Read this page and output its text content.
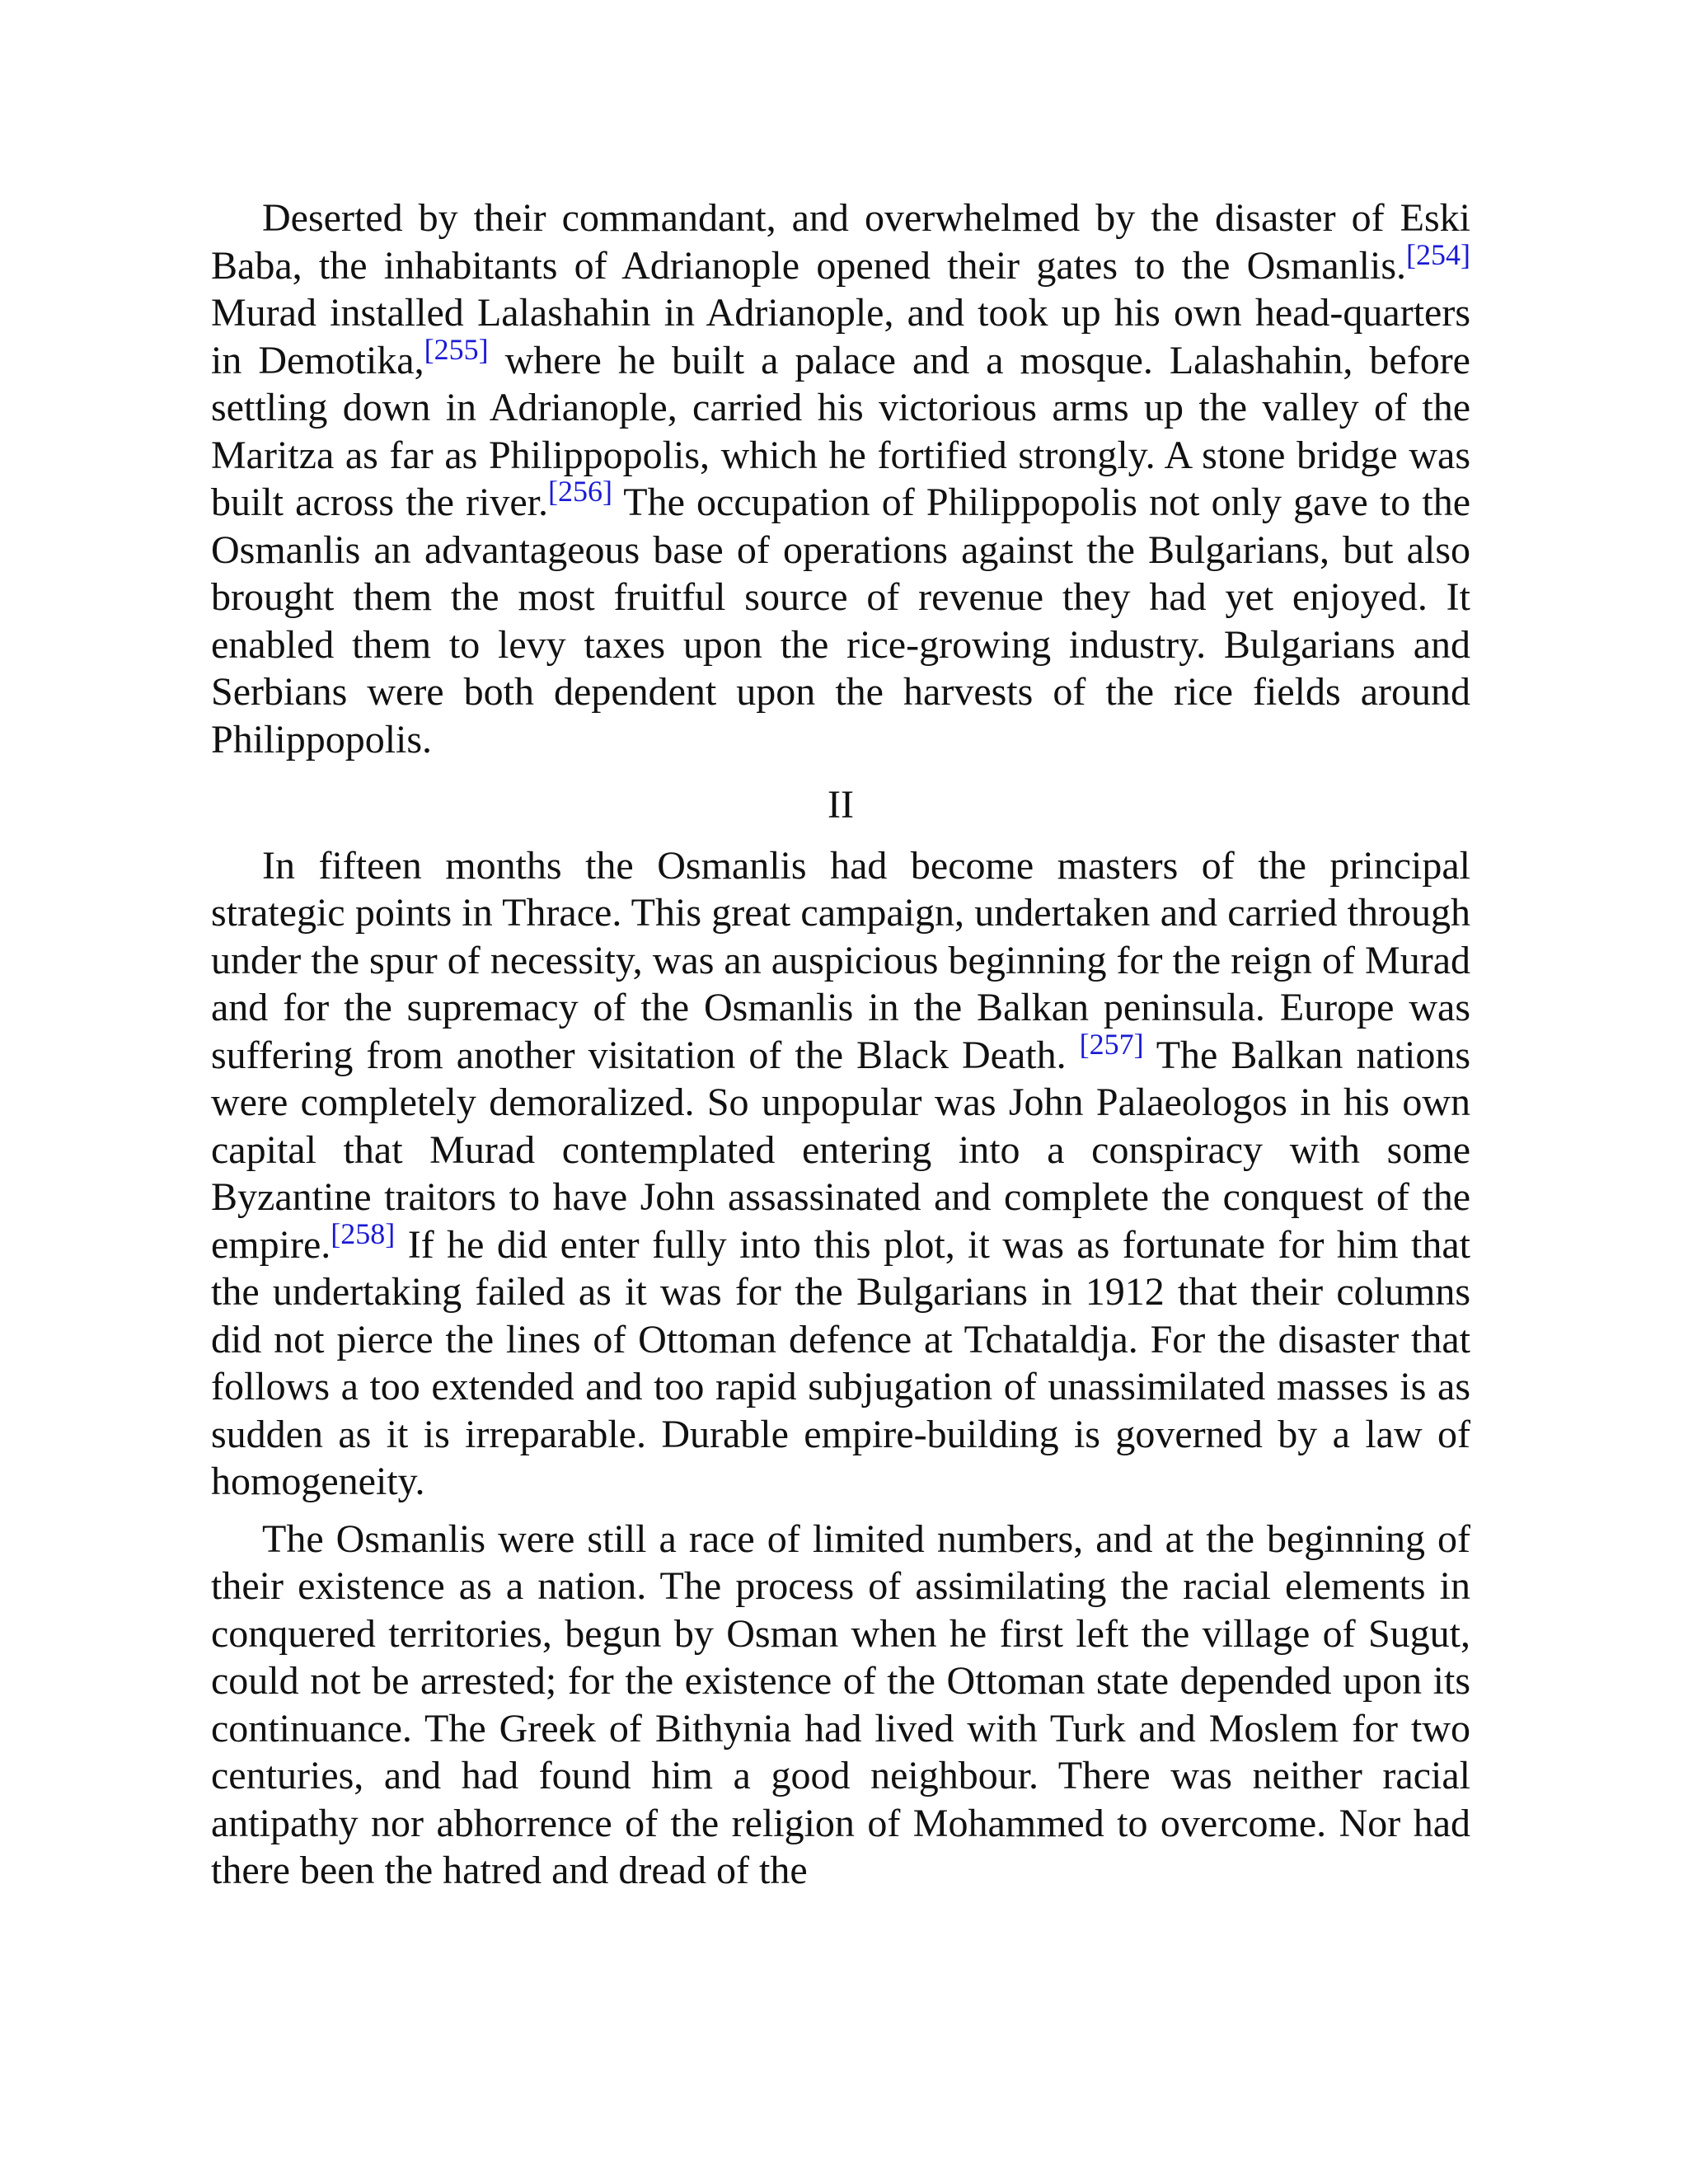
Deserted by their commandant, and overwhelmed by the disaster of Eski Baba, the inhabitants of Adrianople opened their gates to the Osmanlis.[254] Murad installed Lalashahin in Adrianople, and took up his own head-quarters in Demotika,[255] where he built a palace and a mosque. Lalashahin, before settling down in Adrianople, carried his victorious arms up the valley of the Maritza as far as Philippopolis, which he fortified strongly. A stone bridge was built across the river.[256] The occupation of Philippopolis not only gave to the Osmanlis an advantageous base of operations against the Bulgarians, but also brought them the most fruitful source of revenue they had yet enjoyed. It enabled them to levy taxes upon the rice-growing industry. Bulgarians and Serbians were both dependent upon the harvests of the rice fields around Philippopolis.

II

In fifteen months the Osmanlis had become masters of the principal strategic points in Thrace. This great campaign, undertaken and carried through under the spur of necessity, was an auspicious beginning for the reign of Murad and for the supremacy of the Osmanlis in the Balkan peninsula. Europe was suffering from another visitation of the Black Death. [257] The Balkan nations were completely demoralized. So unpopular was John Palaeologos in his own capital that Murad contemplated entering into a conspiracy with some Byzantine traitors to have John assassinated and complete the conquest of the empire.[258] If he did enter fully into this plot, it was as fortunate for him that the undertaking failed as it was for the Bulgarians in 1912 that their columns did not pierce the lines of Ottoman defence at Tchataldja. For the disaster that follows a too extended and too rapid subjugation of unassimilated masses is as sudden as it is irreparable. Durable empire-building is governed by a law of homogeneity.

The Osmanlis were still a race of limited numbers, and at the beginning of their existence as a nation. The process of assimilating the racial elements in conquered territories, begun by Osman when he first left the village of Sugut, could not be arrested; for the existence of the Ottoman state depended upon its continuance. The Greek of Bithynia had lived with Turk and Moslem for two centuries, and had found him a good neighbour. There was neither racial antipathy nor abhorrence of the religion of Mohammed to overcome. Nor had there been the hatred and dread of the
